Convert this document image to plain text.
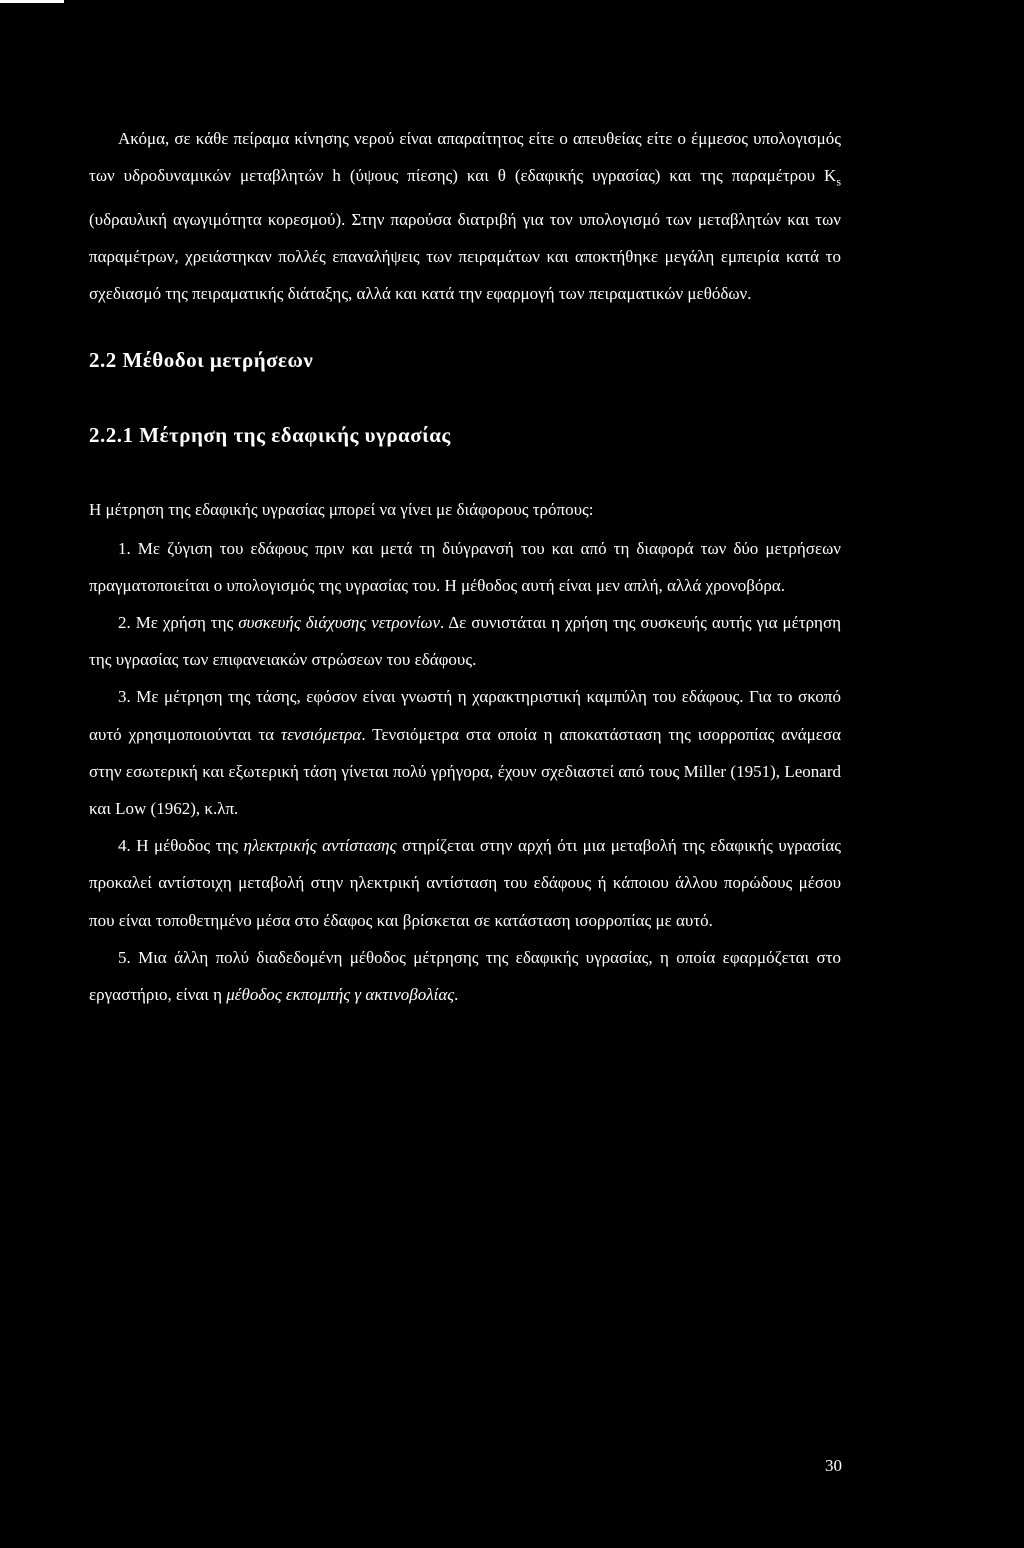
Ακόμα, σε κάθε πείραμα κίνησης νερού είναι απαραίτητος είτε ο απευθείας είτε ο έμμεσος υπολογισμός των υδροδυναμικών μεταβλητών h (ύψους πίεσης) και θ (εδαφικής υγρασίας) και της παραμέτρου $K_s$ (υδραυλική αγωγιμότητα κορεσμού). Στην παρούσα διατριβή για τον υπολογισμό των μεταβλητών και των παραμέτρων, χρειάστηκαν πολλές επαναλήψεις των πειραμάτων και αποκτήθηκε μεγάλη εμπειρία κατά το σχεδιασμό της πειραματικής διάταξης, αλλά και κατά την εφαρμογή των πειραματικών μεθόδων.

2.2 Μέθοδοι μετρήσεων
2.2.1 Μέτρηση της εδαφικής υγρασίας

Η μέτρηση της εδαφικής υγρασίας μπορεί να γίνει με διάφορους τρόπους:

1. Με ζύγιση του εδάφους πριν και μετά τη διύγρανσή του και από τη διαφορά των δύο μετρήσεων πραγματοποιείται ο υπολογισμός της υγρασίας του. Η μέθοδος αυτή είναι μεν απλή, αλλά χρονοβόρα.

2. Με χρήση της συσκευής διάχυσης νετρονίων. Δε συνιστάται η χρήση της συσκευής αυτής για μέτρηση της υγρασίας των επιφανειακών στρώσεων του εδάφους.

3. Με μέτρηση της τάσης, εφόσον είναι γνωστή η χαρακτηριστική καμπύλη του εδάφους. Για το σκοπό αυτό χρησιμοποιούνται τα τενσιόμετρα. Τενσιόμετρα στα οποία η αποκατάσταση της ισορροπίας ανάμεσα στην εσωτερική και εξωτερική τάση γίνεται πολύ γρήγορα, έχουν σχεδιαστεί από τους Miller (1951), Leonard και Low (1962), κ.λπ.

4. Η μέθοδος της ηλεκτρικής αντίστασης στηρίζεται στην αρχή ότι μια μεταβολή της εδαφικής υγρασίας προκαλεί αντίστοιχη μεταβολή στην ηλεκτρική αντίσταση του εδάφους ή κάποιου άλλου πορώδους μέσου που είναι τοποθετημένο μέσα στο έδαφος και βρίσκεται σε κατάσταση ισορροπίας με αυτό.

5. Μια άλλη πολύ διαδεδομένη μέθοδος μέτρησης της εδαφικής υγρασίας, η οποία εφαρμόζεται στο εργαστήριο, είναι η μέθοδος εκπομπής γ ακτινοβολίας.

30
